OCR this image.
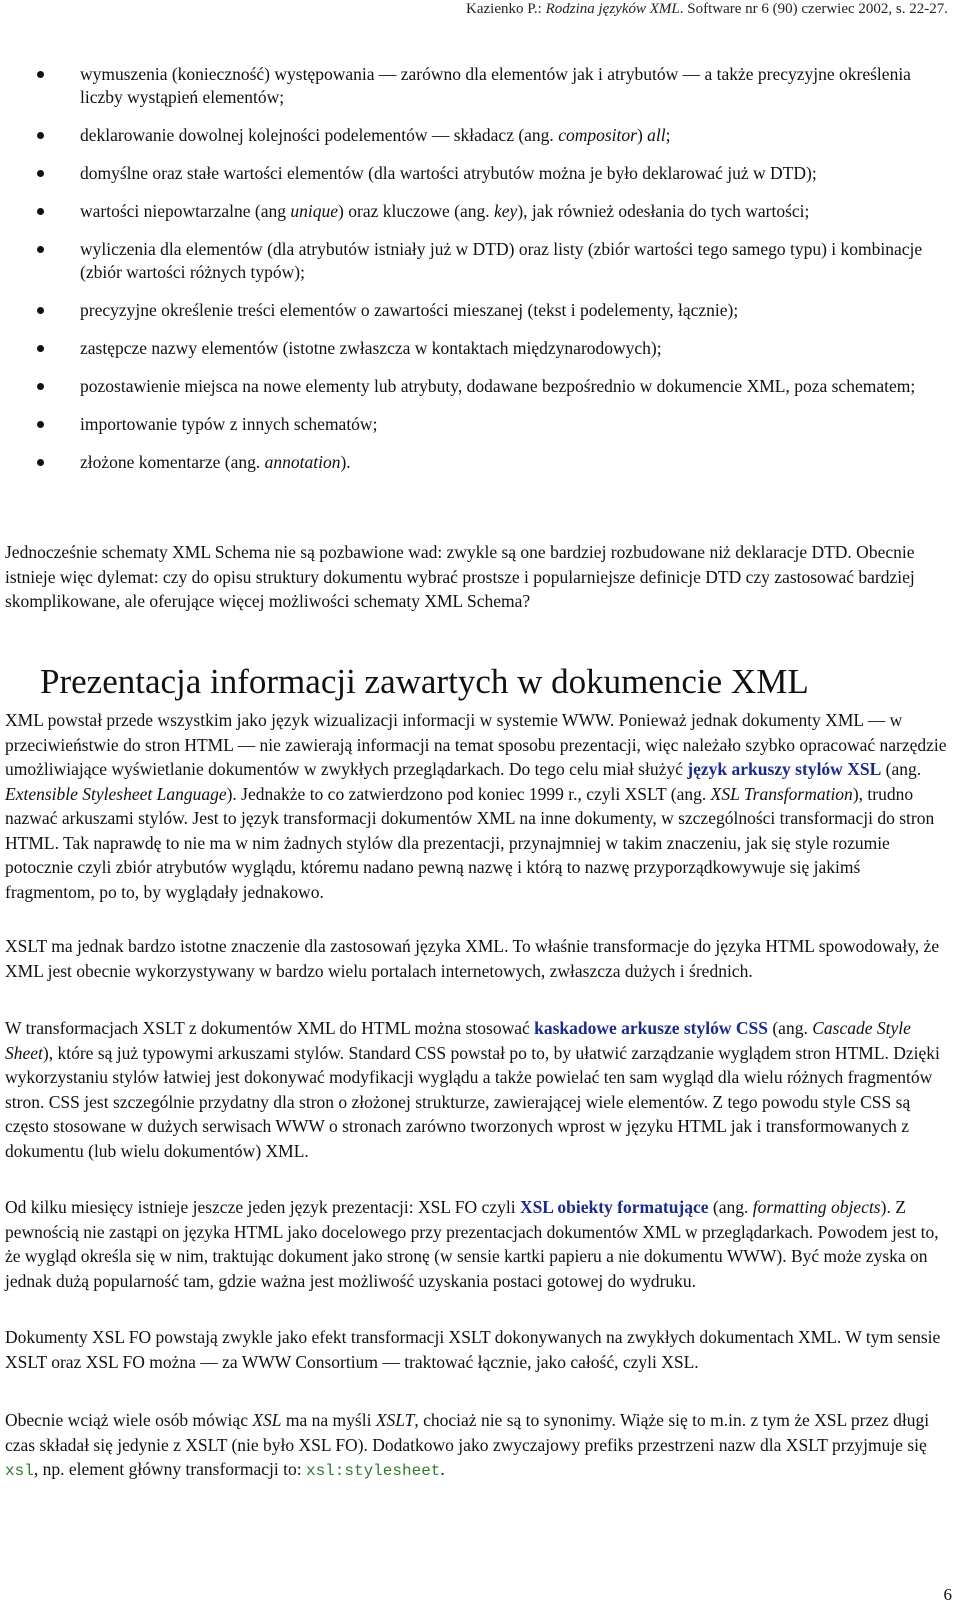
Kazienko P.: Rodzina języków XML. Software nr 6 (90) czerwiec 2002, s. 22-27.
wymuszenia (konieczność) występowania — zarówno dla elementów jak i atrybutów — a także precyzyjne określenia liczby wystąpień elementów;
deklarowanie dowolnej kolejności podelementów — składacz (ang. compositor) all;
domyślne oraz stałe wartości elementów (dla wartości atrybutów można je było deklarować już w DTD);
wartości niepowtarzalne (ang unique) oraz kluczowe (ang. key), jak również odesłania do tych wartości;
wyliczenia dla elementów (dla atrybutów istniały już w DTD) oraz listy (zbiór wartości tego samego typu) i kombinacje (zbiór wartości różnych typów);
precyzyjne określenie treści elementów o zawartości mieszanej (tekst i podelementy, łącznie);
zastępcze nazwy elementów (istotne zwłaszcza w kontaktach międzynarodowych);
pozostawienie miejsca na nowe elementy lub atrybuty, dodawane bezpośrednio w dokumencie XML, poza schematem;
importowanie typów z innych schematów;
złożone komentarze (ang. annotation).

Jednocześnie schematy XML Schema nie są pozbawione wad: zwykle są one bardziej rozbudowane niż deklaracje DTD. Obecnie istnieje więc dylemat: czy do opisu struktury dokumentu wybrać prostsze i popularniejsze definicje DTD czy zastosować bardziej skomplikowane, ale oferujące więcej możliwości schematy XML Schema?

Prezentacja informacji zawartych w dokumencie XML

XML powstał przede wszystkim jako język wizualizacji informacji w systemie WWW. Ponieważ jednak dokumenty XML — w przeciwieństwie do stron HTML — nie zawierają informacji na temat sposobu prezentacji, więc należało szybko opracować narzędzie umożliwiające wyświetlanie dokumentów w zwykłych przeglądarkach. Do tego celu miał służyć język arkuszy stylów XSL (ang. Extensible Stylesheet Language). Jednakże to co zatwierdzono pod koniec 1999 r., czyli XSLT (ang. XSL Transformation), trudno nazwać arkuszami stylów. Jest to język transformacji dokumentów XML na inne dokumenty, w szczególności transformacji do stron HTML. Tak naprawdę to nie ma w nim żadnych stylów dla prezentacji, przynajmniej w takim znaczeniu, jak się style rozumie potocznie czyli zbiór atrybutów wyglądu, któremu nadano pewną nazwę i którą to nazwę przyporządkowywuje się jakimś fragmentom, po to, by wyglądały jednakowo.

XSLT ma jednak bardzo istotne znaczenie dla zastosowań języka XML. To właśnie transformacje do języka HTML spowodowały, że XML jest obecnie wykorzystywany w bardzo wielu portalach internetowych, zwłaszcza dużych i średnich.

W transformacjach XSLT z dokumentów XML do HTML można stosować kaskadowe arkusze stylów CSS (ang. Cascade Style Sheet), które są już typowymi arkuszami stylów. Standard CSS powstał po to, by ułatwić zarządzanie wyglądem stron HTML. Dzięki wykorzystaniu stylów łatwiej jest dokonywać modyfikacji wyglądu a także powielać ten sam wygląd dla wielu różnych fragmentów stron. CSS jest szczególnie przydatny dla stron o złożonej strukturze, zawierającej wiele elementów. Z tego powodu style CSS są często stosowane w dużych serwisach WWW o stronach zarówno tworzonych wprost w języku HTML jak i transformowanych z dokumentu (lub wielu dokumentów) XML.

Od kilku miesięcy istnieje jeszcze jeden język prezentacji: XSL FO czyli XSL obiekty formatujące (ang. formatting objects). Z pewnością nie zastąpi on języka HTML jako docelowego przy prezentacjach dokumentów XML w przeglądarkach. Powodem jest to, że wygląd określa się w nim, traktując dokument jako stronę (w sensie kartki papieru a nie dokumentu WWW). Być może zyska on jednak dużą popularność tam, gdzie ważna jest możliwość uzyskania postaci gotowej do wydruku.

Dokumenty XSL FO powstają zwykle jako efekt transformacji XSLT dokonywanych na zwykłych dokumentach XML. W tym sensie XSLT oraz XSL FO można — za WWW Consortium — traktować łącznie, jako całość, czyli XSL.

Obecnie wciąż wiele osób mówiąc XSL ma na myśli XSLT, chociaż nie są to synonimy. Wiąże się to m.in. z tym że XSL przez długi czas składał się jedynie z XSLT (nie było XSL FO). Dodatkowo jako zwyczajowy prefiks przestrzeni nazw dla XSLT przyjmuje się xsl, np. element główny transformacji to: xsl:stylesheet.

6
